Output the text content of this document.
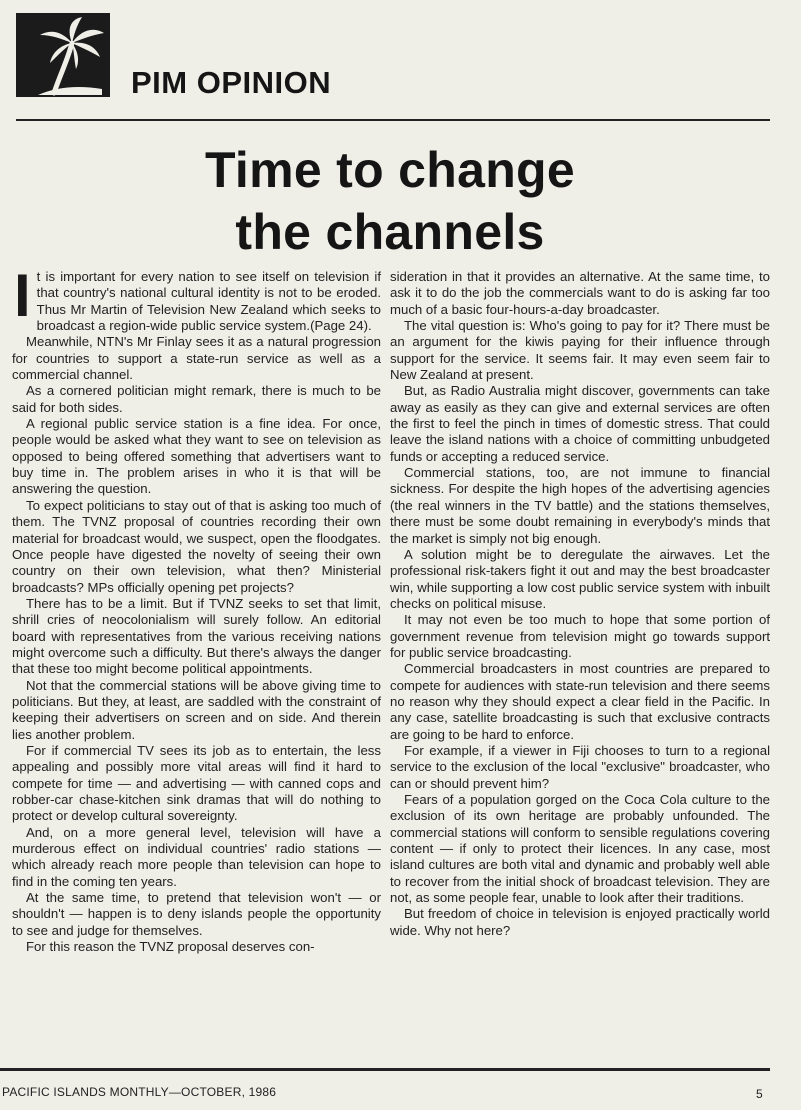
PIM OPINION
Time to change
the channels

It is important for every nation to see itself on television if that country's national cultural identity is not to be eroded. Thus Mr Martin of Television New Zealand which seeks to broadcast a region-wide public service system.(Page 24).

Meanwhile, NTN's Mr Finlay sees it as a natural progression for countries to support a state-run service as well as a commercial channel.

As a cornered politician might remark, there is much to be said for both sides.

A regional public service station is a fine idea. For once, people would be asked what they want to see on television as opposed to being offered something that advertisers want to buy time in. The problem arises in who it is that will be answering the question.

To expect politicians to stay out of that is asking too much of them. The TVNZ proposal of countries recording their own material for broadcast would, we suspect, open the floodgates. Once people have digested the novelty of seeing their own country on their own television, what then? Ministerial broadcasts? MPs officially opening pet projects?

There has to be a limit. But if TVNZ seeks to set that limit, shrill cries of neocolonialism will surely follow. An editorial board with representatives from the various receiving nations might overcome such a difficulty. But there's always the danger that these too might become political appointments.

Not that the commercial stations will be above giving time to politicians. But they, at least, are saddled with the constraint of keeping their advertisers on screen and on side. And therein lies another problem.

For if commercial TV sees its job as to entertain, the less appealing and possibly more vital areas will find it hard to compete for time — and advertising — with canned cops and robber-car chase-kitchen sink dramas that will do nothing to protect or develop cultural sovereignty.

And, on a more general level, television will have a murderous effect on individual countries' radio stations — which already reach more people than television can hope to find in the coming ten years.

At the same time, to pretend that television won't — or shouldn't — happen is to deny islands people the opportunity to see and judge for themselves.

For this reason the TVNZ proposal deserves con-

sideration in that it provides an alternative. At the same time, to ask it to do the job the commercials want to do is asking far too much of a basic four-hours-a-day broadcaster.

The vital question is: Who's going to pay for it? There must be an argument for the kiwis paying for their influence through support for the service. It seems fair. It may even seem fair to New Zealand at present.

But, as Radio Australia might discover, governments can take away as easily as they can give and external services are often the first to feel the pinch in times of domestic stress. That could leave the island nations with a choice of committing unbudgeted funds or accepting a reduced service.

Commercial stations, too, are not immune to financial sickness. For despite the high hopes of the advertising agencies (the real winners in the TV battle) and the stations themselves, there must be some doubt remaining in everybody's minds that the market is simply not big enough.

A solution might be to deregulate the airwaves. Let the professional risk-takers fight it out and may the best broadcaster win, while supporting a low cost public service system with inbuilt checks on political misuse.

It may not even be too much to hope that some portion of government revenue from television might go towards support for public service broadcasting.

Commercial broadcasters in most countries are prepared to compete for audiences with state-run television and there seems no reason why they should expect a clear field in the Pacific. In any case, satellite broadcasting is such that exclusive contracts are going to be hard to enforce.

For example, if a viewer in Fiji chooses to turn to a regional service to the exclusion of the local "exclusive" broadcaster, who can or should prevent him?

Fears of a population gorged on the Coca Cola culture to the exclusion of its own heritage are probably unfounded. The commercial stations will conform to sensible regulations covering content — if only to protect their licences. In any case, most island cultures are both vital and dynamic and probably well able to recover from the initial shock of broadcast television. They are not, as some people fear, unable to look after their traditions.

But freedom of choice in television is enjoyed practically world wide. Why not here?

PACIFIC ISLANDS MONTHLY—OCTOBER, 1986	5
